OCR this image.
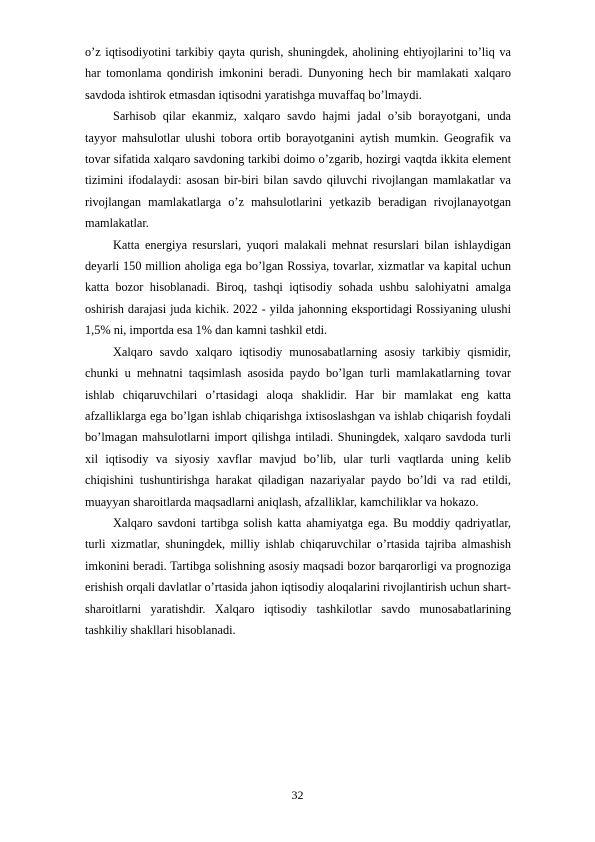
o’z iqtisodiyotini tarkibiy qayta qurish, shuningdek, aholining ehtiyojlarini to’liq va har tomonlama qondirish imkonini beradi. Dunyoning hech bir mamlakati xalqaro savdoda ishtirok etmasdan iqtisodni yaratishga muvaffaq bo’lmaydi.

Sarhisob qilar ekanmiz, xalqaro savdo hajmi jadal o’sib borayotgani, unda tayyor mahsulotlar ulushi tobora ortib borayotganini aytish mumkin. Geografik va tovar sifatida xalqaro savdoning tarkibi doimo o’zgarib, hozirgi vaqtda ikkita element tizimini ifodalaydi: asosan bir-biri bilan savdo qiluvchi rivojlangan mamlakatlar va rivojlangan mamlakatlarga o’z mahsulotlarini yetkazib beradigan rivojlanayotgan mamlakatlar.

Katta energiya resurslari, yuqori malakali mehnat resurslari bilan ishlaydigan deyarli 150 million aholiga ega bo’lgan Rossiya, tovarlar, xizmatlar va kapital uchun katta bozor hisoblanadi. Biroq, tashqi iqtisodiy sohada ushbu salohiyatni amalga oshirish darajasi juda kichik. 2022 - yilda jahonning eksportidagi Rossiyaning ulushi 1,5% ni, importda esa 1% dan kamni tashkil etdi.

Xalqaro savdo xalqaro iqtisodiy munosabatlarning asosiy tarkibiy qismidir, chunki u mehnatni taqsimlash asosida paydo bo’lgan turli mamlakatlarning tovar ishlab chiqaruvchilari o’rtasidagi aloqa shaklidir. Har bir mamlakat eng katta afzalliklarga ega bo’lgan ishlab chiqarishga ixtisoslashgan va ishlab chiqarish foydali bo’lmagan mahsulotlarni import qilishga intiladi. Shuningdek, xalqaro savdoda turli xil iqtisodiy va siyosiy xavflar mavjud bo’lib, ular turli vaqtlarda uning kelib chiqishini tushuntirishga harakat qiladigan nazariyalar paydo bo’ldi va rad etildi, muayyan sharoitlarda maqsadlarni aniqlash, afzalliklar, kamchiliklar va hokazo.

Xalqaro savdoni tartibga solish katta ahamiyatga ega. Bu moddiy qadriyatlar, turli xizmatlar, shuningdek, milliy ishlab chiqaruvchilar o’rtasida tajriba almashish imkonini beradi. Tartibga solishning asosiy maqsadi bozor barqarorligi va prognoziga erishish orqali davlatlar o’rtasida jahon iqtisodiy aloqalarini rivojlantirish uchun shart-sharoitlarni yaratishdir. Xalqaro iqtisodiy tashkilotlar savdo munosabatlarining tashkiliy shakllari hisoblanadi.

32
